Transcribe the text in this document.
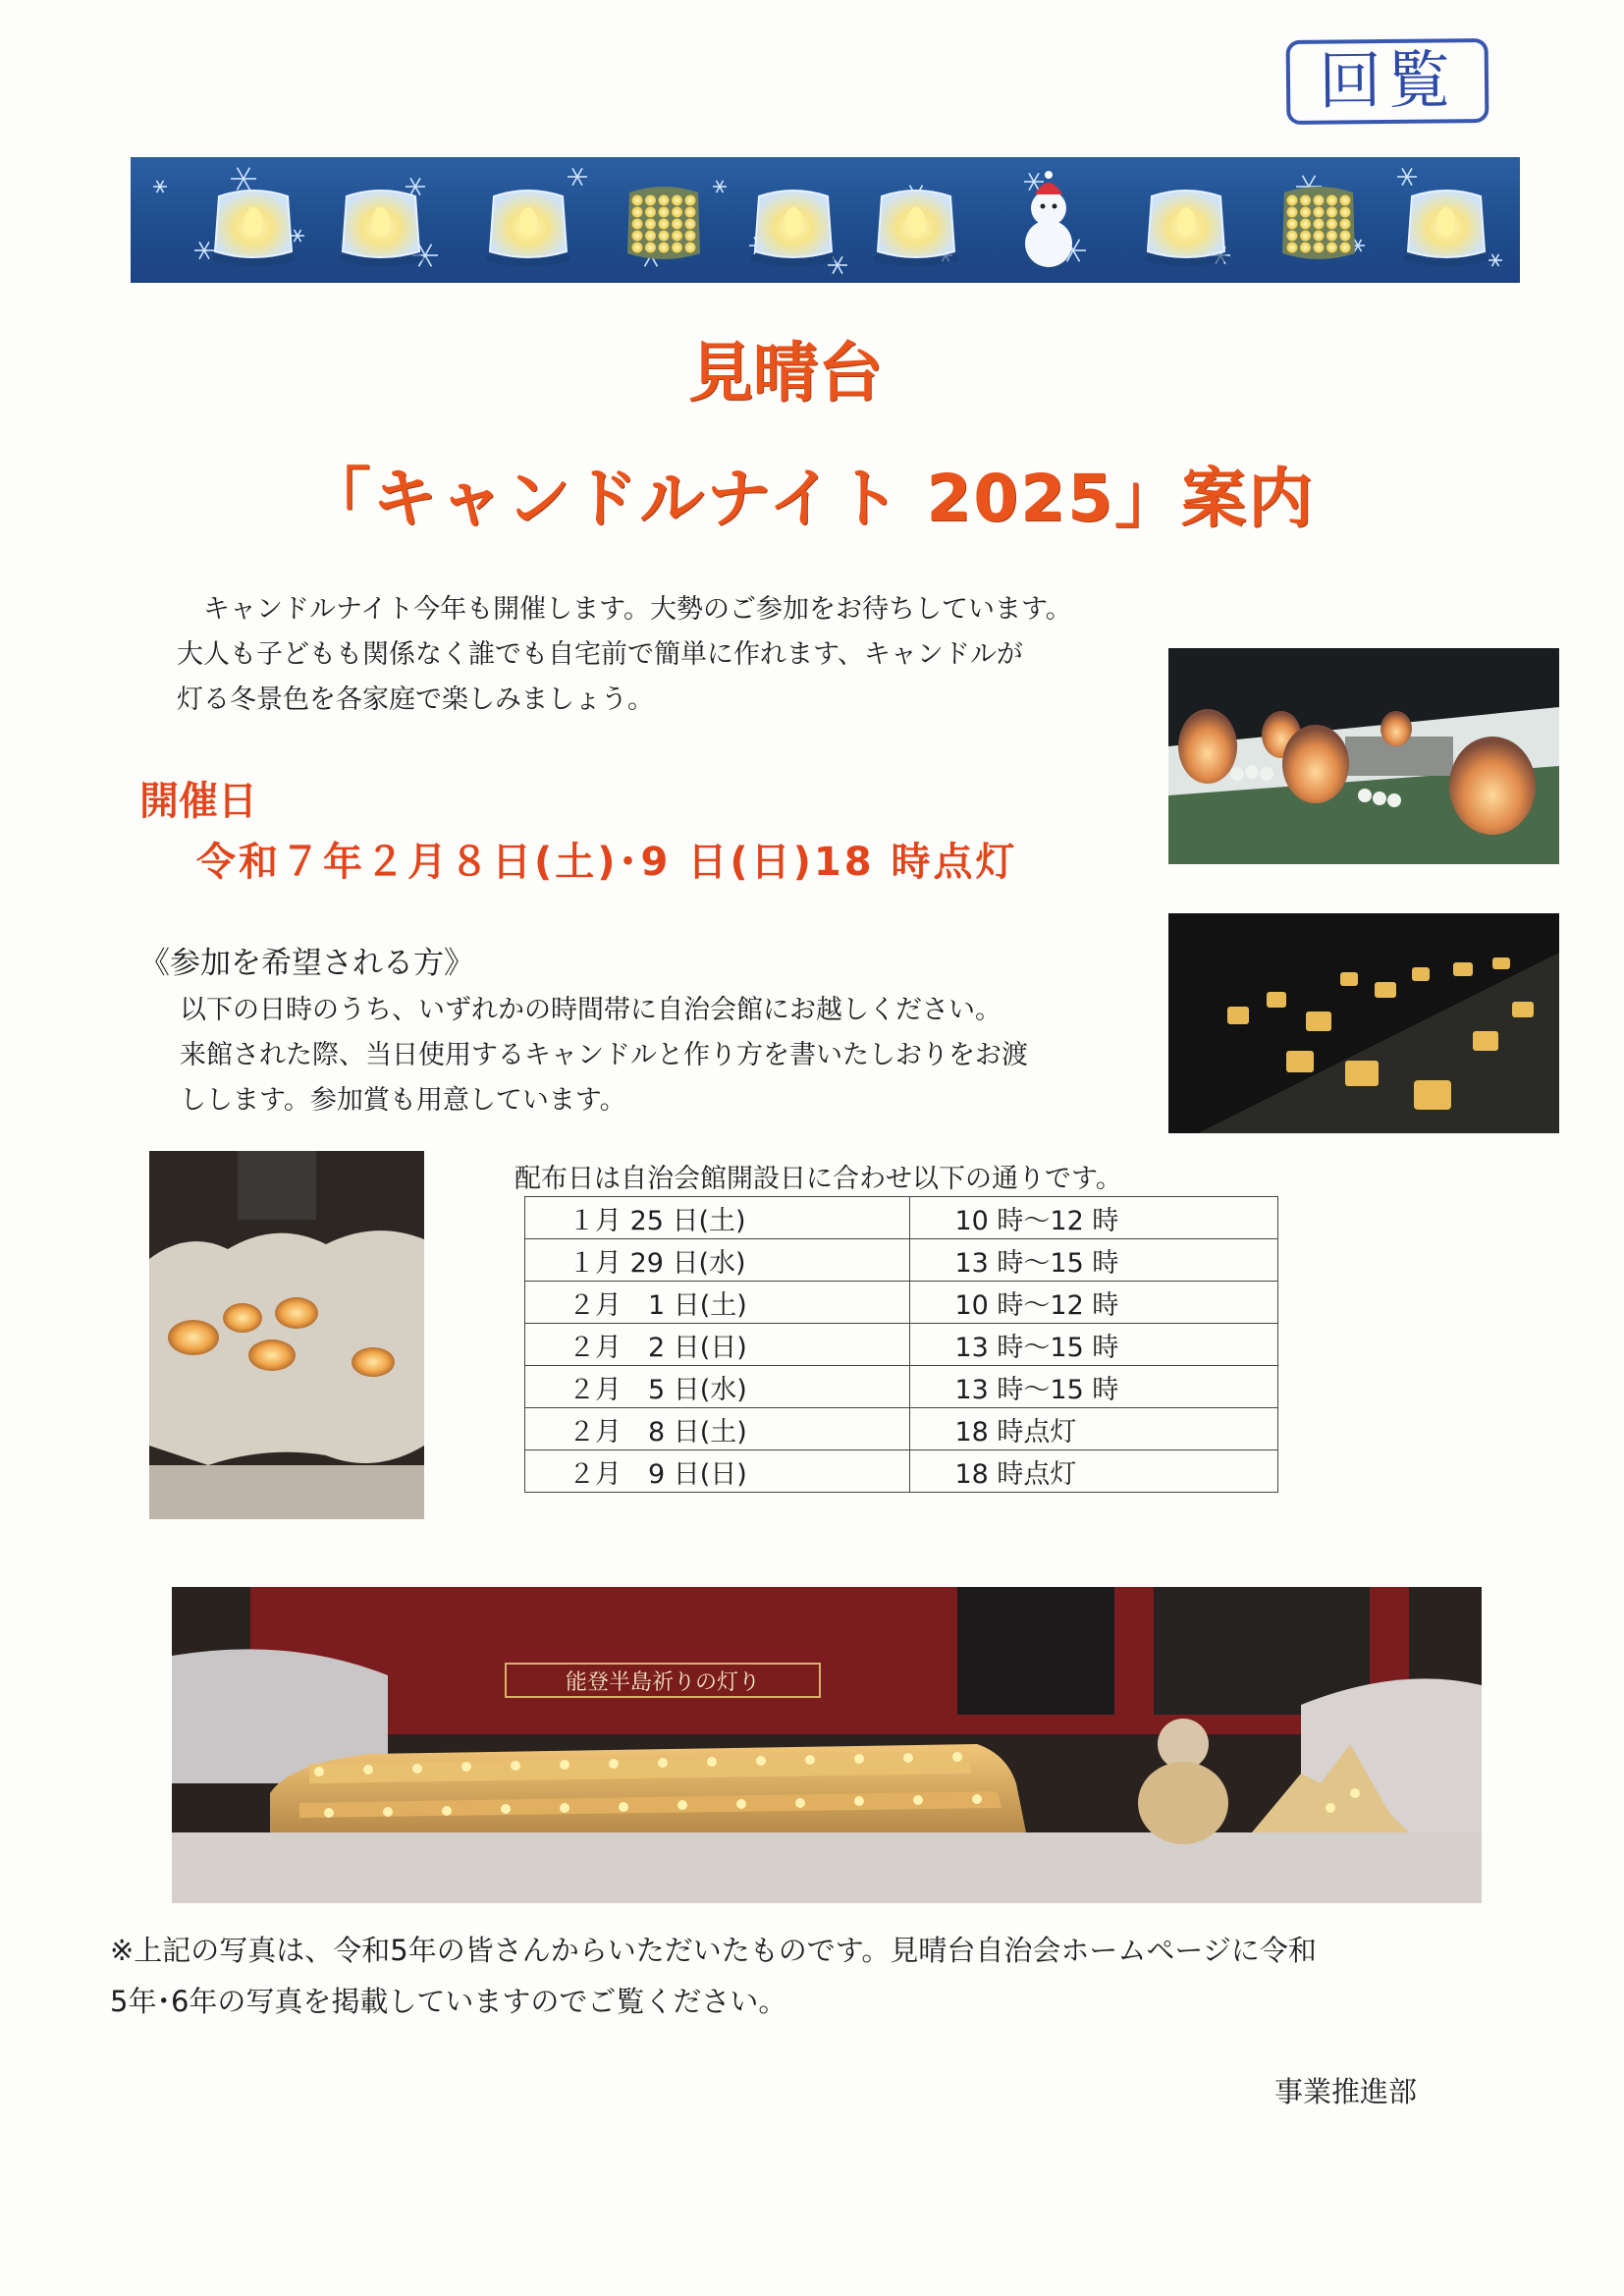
回覧
見晴台
「キャンドルナイト 2025」案内
　キャンドルナイト今年も開催します。大勢のご参加をお待ちしています。
大人も子どもも関係なく誰でも自宅前で簡単に作れます、キャンドルが
灯る冬景色を各家庭で楽しみましょう。
開催日
令和７年２月８日(土)･9 日(日)18 時点灯
《参加を希望される方》
以下の日時のうち、いずれかの時間帯に自治会館にお越しください。
来館された際、当日使用するキャンドルと作り方を書いたしおりをお渡
しします。参加賞も用意しています。
配布日は自治会館開設日に合わせ以下の通りです。
１月 25 日(土)	10 時～12 時
１月 29 日(水)	13 時～15 時
２月　1 日(土)	10 時～12 時
２月　2 日(日)	13 時～15 時
２月　5 日(水)	13 時～15 時
２月　8 日(土)	18 時点灯
２月　9 日(日)	18 時点灯
能登半島祈りの灯り
※上記の写真は、令和5年の皆さんからいただいたものです。見晴台自治会ホームページに令和
5年･6年の写真を掲載していますのでご覧ください。
事業推進部
